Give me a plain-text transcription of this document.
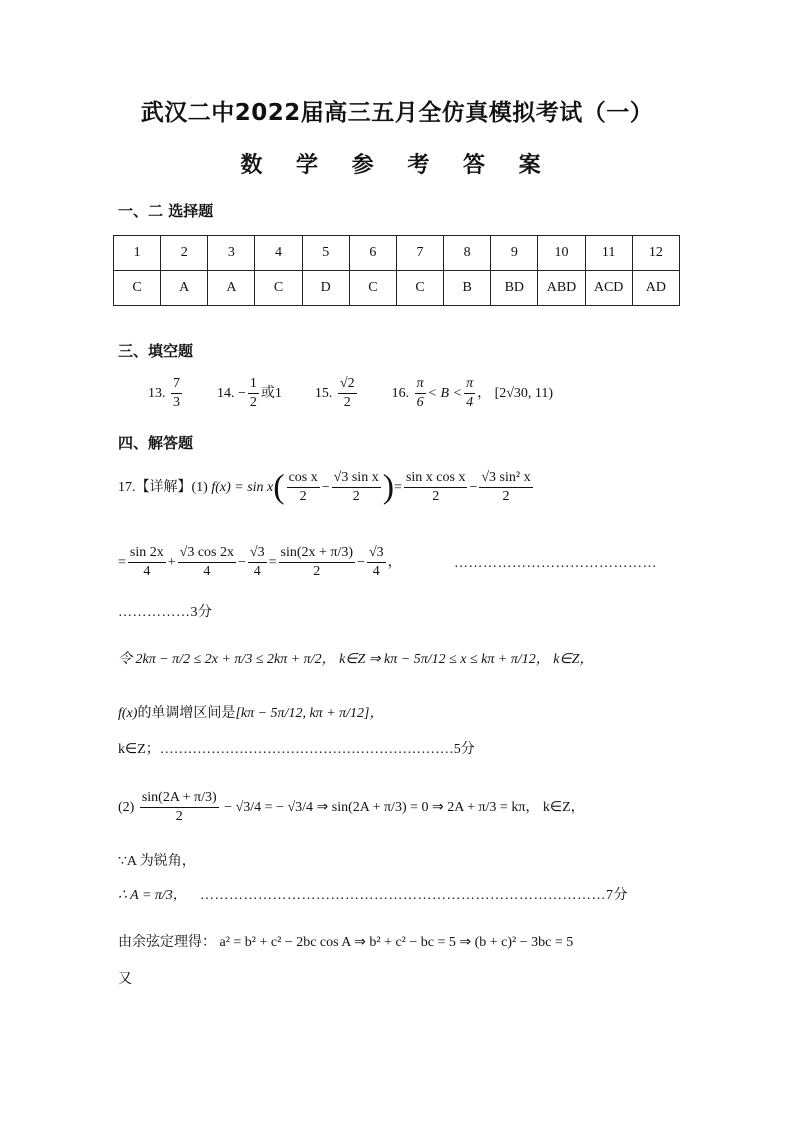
武汉二中2022届高三五月全仿真模拟考试（一）
数 学 参 考 答 案
一、二 选择题
1	2	3	4	5	6	7	8	9	10	11	12
C	A	A	C	D	C	C	B	BD	ABD	ACD	AD
三、填空题
13. $\frac{7}{3}$	14. − $\frac{1}{2}$ 或1 15. $\frac{√2}{2}$	16. $\frac{\pi}{6} < B < \frac{\pi}{4}$ ， [2√30, 11)
四、解答题
17.【详解】(1) $f(x) = \sin x( \frac{\text{cos x}}{2} - \frac{\text{√3 sin x}}{2}$ )= $\frac{\text{sin x cos x}}{2} - \frac{\text{√3 sin² x}}{2}$
= $\frac{\sin 2x}{4} + \frac{√3 \cos 2x}{4} - \frac{√3}{4} = \frac{\sin(2x + \pi/3)}{2} - \frac{√3}{4}$ ，	……………………………………
……………3分
令 2kπ − π/2 ≤ 2x + π/3 ≤ 2kπ + π/2， k∈Z ⇒ kπ − 5π/12 ≤ x ≤ kπ + π/12， k∈Z，
f(x)的单调增区间是[kπ − 5π/12, kπ + π/12]，
k∈Z；………………………………………………………5分
$(2) \frac{\sin(2A + \pi/3)}{2} - √3/4$ = − √3/4 ⇒ sin(2A + π/3) = 0 ⇒ 2A + π/3 = kπ， k∈Z，
∵A 为锐角，
∴ A = π/3， …………………………………………………………………………7分
由余弦定理得： a² = b² + c² − 2bc cos A ⇒ b² + c² − bc = 5 ⇒ (b + c)² − 3bc = 5
又
